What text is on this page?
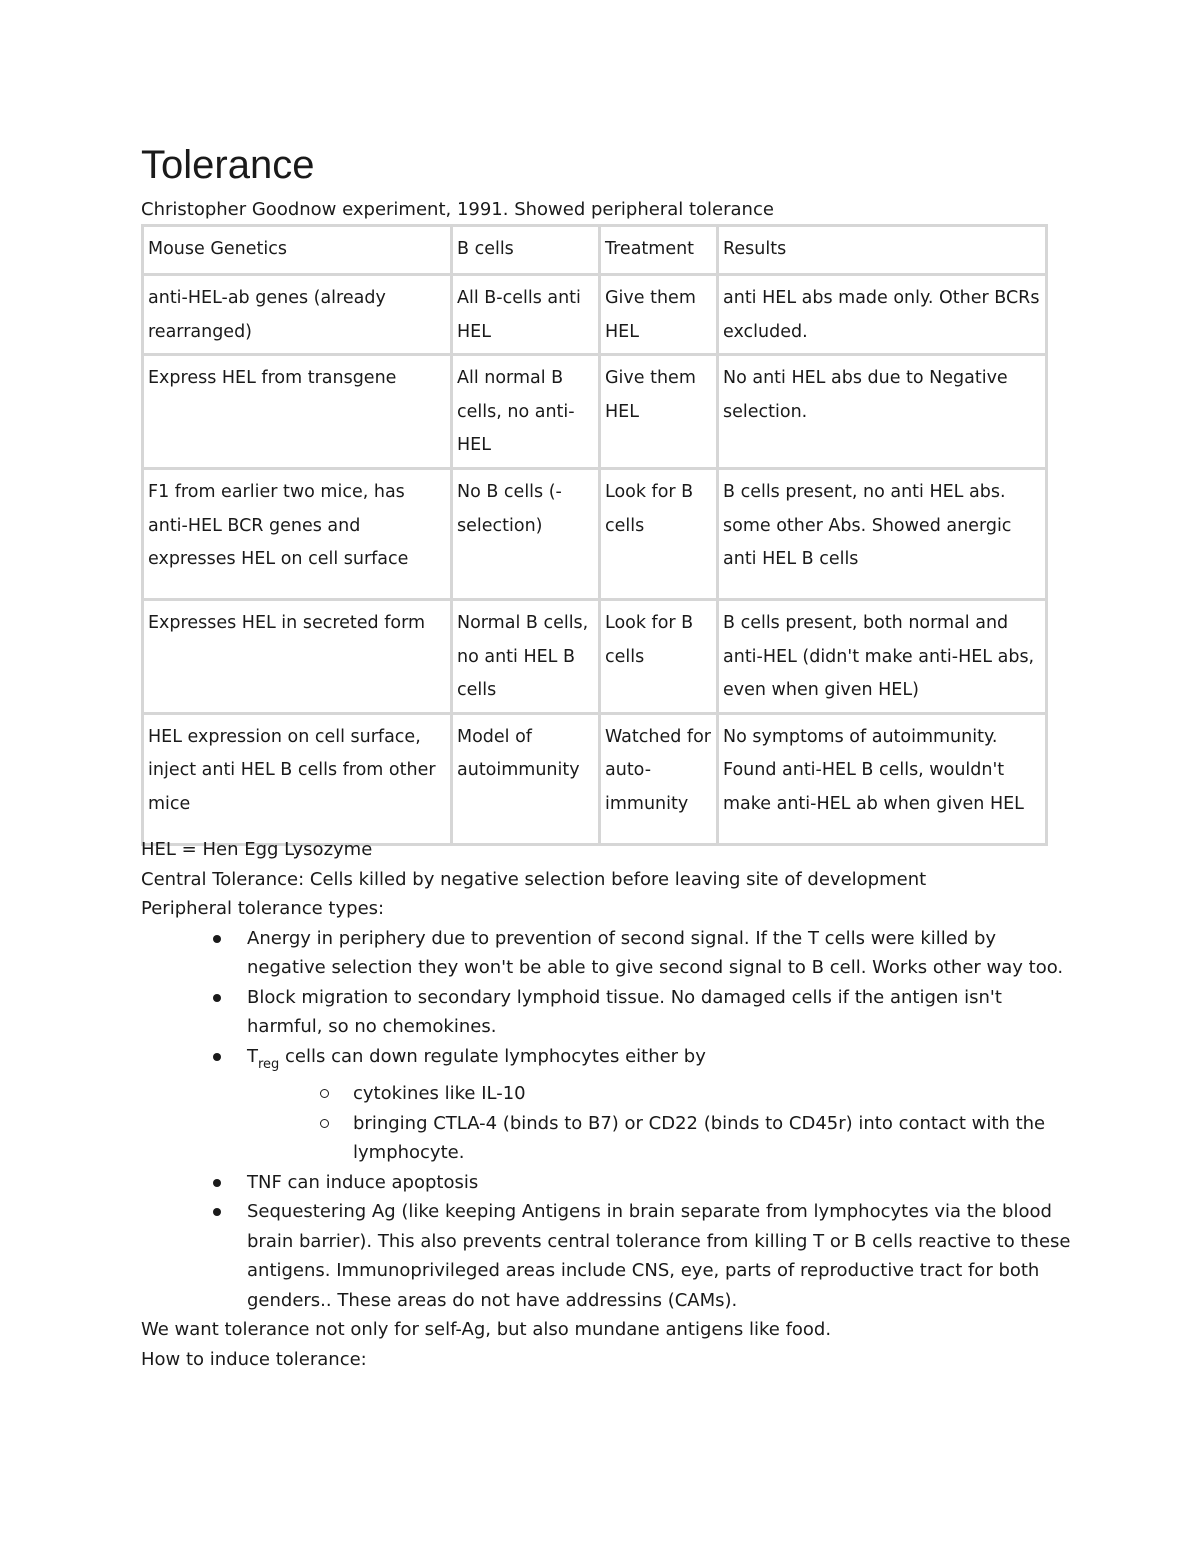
Tolerance
Christopher Goodnow experiment, 1991. Showed peripheral tolerance
Mouse Genetics	B cells	Treatment	Results
anti-HEL-ab genes (already rearranged)	All B-cells anti HEL	Give them HEL	anti HEL abs made only. Other BCRs excluded.
Express HEL from transgene	All normal B cells, no anti-HEL	Give them HEL	No anti HEL abs due to Negative selection.
F1 from earlier two mice, has anti-HEL BCR genes and expresses HEL on cell surface	No B cells (- selection)	Look for B cells	B cells present, no anti HEL abs. some other Abs. Showed anergic anti HEL B cells
Expresses HEL in secreted form	Normal B cells, no anti HEL B cells	Look for B cells	B cells present, both normal and anti-HEL (didn't make anti-HEL abs, even when given HEL)
HEL expression on cell surface, inject anti HEL B cells from other mice	Model of autoimmunity	Watched for auto-immunity	No symptoms of autoimmunity. Found anti-HEL B cells, wouldn't make anti-HEL ab when given HEL

HEL = Hen Egg Lysozyme

Central Tolerance: Cells killed by negative selection before leaving site of development

Peripheral tolerance types:

Anergy in periphery due to prevention of second signal. If the T cells were killed by negative selection they won't be able to give second signal to B cell. Works other way too.
Block migration to secondary lymphoid tissue. No damaged cells if the antigen isn't harmful, so no chemokines.
$T_{reg}$ cells can down regulate lymphocytes either by
cytokines like IL-10
bringing CTLA-4 (binds to B7) or CD22 (binds to CD45r) into contact with the lymphocyte.
TNF can induce apoptosis
Sequestering Ag (like keeping Antigens in brain separate from lymphocytes via the blood brain barrier). This also prevents central tolerance from killing T or B cells reactive to these antigens. Immunoprivileged areas include CNS, eye, parts of reproductive tract for both genders.. These areas do not have addressins (CAMs).

We want tolerance not only for self-Ag, but also mundane antigens like food.

How to induce tolerance:
